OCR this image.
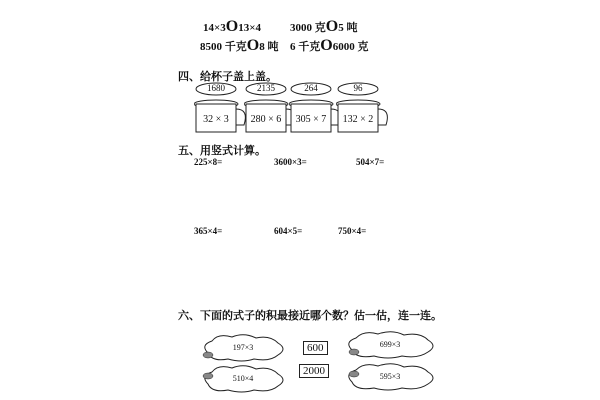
14×3O13×4	3000 克O5 吨
8500 千克O8 吨 6 千克O6000 克
四、给杯子盖上盖。
1680
32 × 3
2135
280 × 6
264
305 × 7
96
132 × 2
五、用竖式计算。
225×8=	3600×3=	504×7=
365×4=	604×5=	750×4=
六、下面的式子的积最接近哪个数？估一估，连一连。
197×3	699×3
510×4	595×3
600
2000
